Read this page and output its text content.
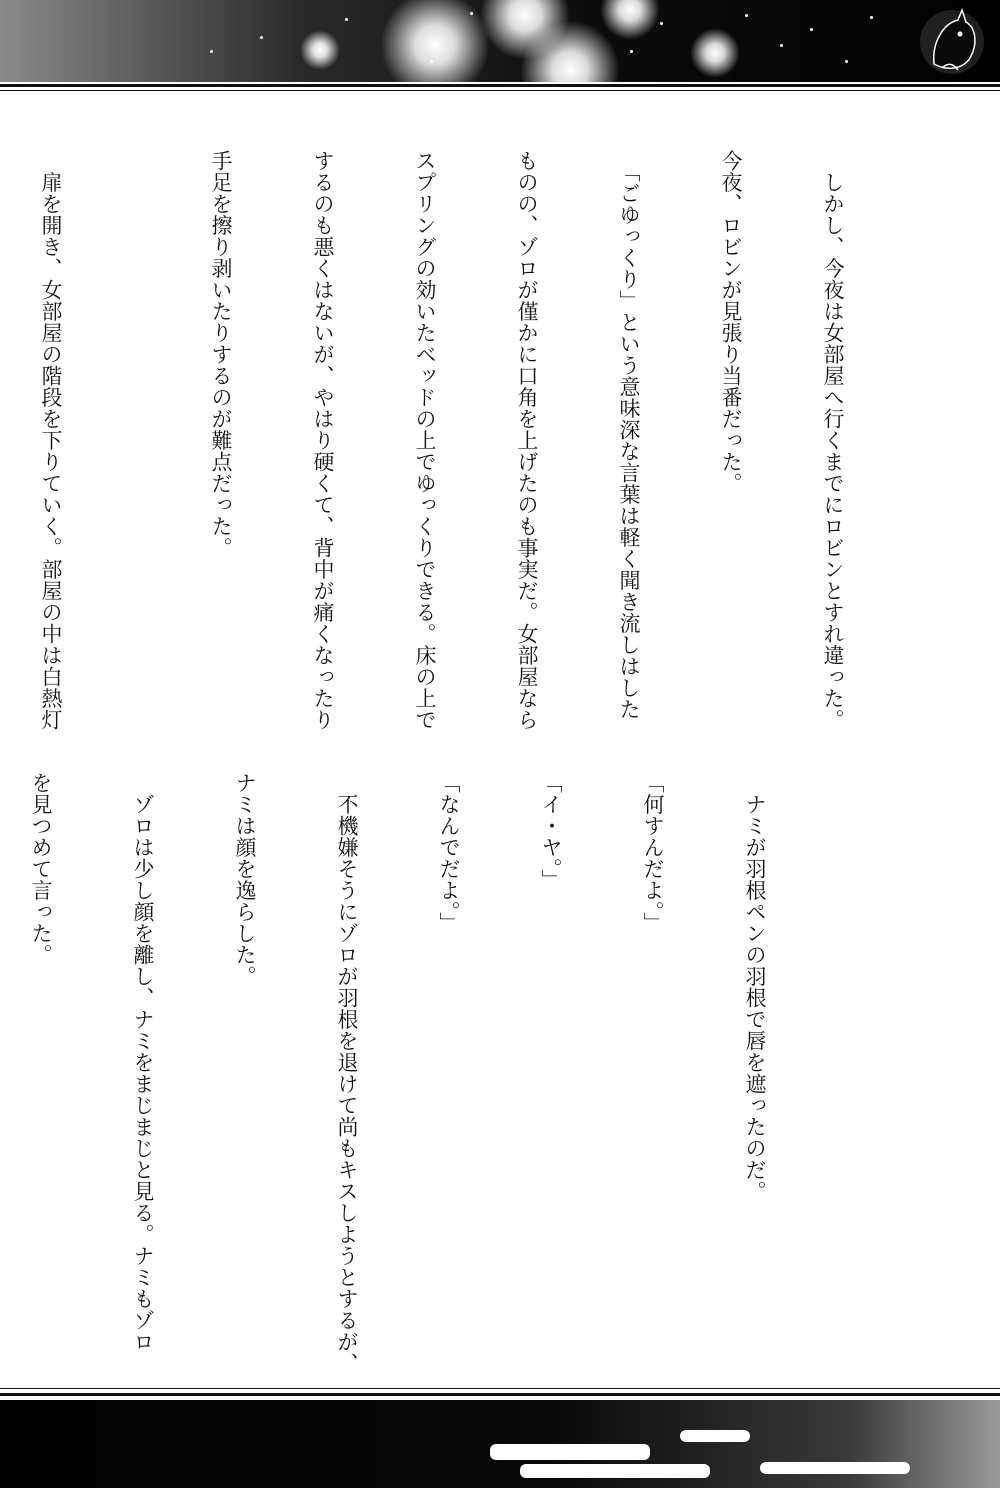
　しかし、今夜は女部屋へ行くまでにロビンとすれ違った。

今夜、ロビンが見張り当番だった。

　「ごゆっくり」という意味深な言葉は軽く聞き流しはした

ものの、ゾロが僅かに口角を上げたのも事実だ。女部屋なら

スプリングの効いたベッドの上でゆっくりできる。床の上で

するのも悪くはないが、やはり硬くて、背中が痛くなったり

手足を擦り剥いたりするのが難点だった。

　扉を開き、女部屋の階段を下りていく。部屋の中は白熱灯

　ナミが羽根ペンの羽根で唇を遮ったのだ。

「何すんだよ。」

「イ・ヤ。」

「なんでだよ。」

　不機嫌そうにゾロが羽根を退けて尚もキスしようとするが、

ナミは顔を逸らした。

　ゾロは少し顔を離し、ナミをまじまじと見る。ナミもゾロ

を見つめて言った。
